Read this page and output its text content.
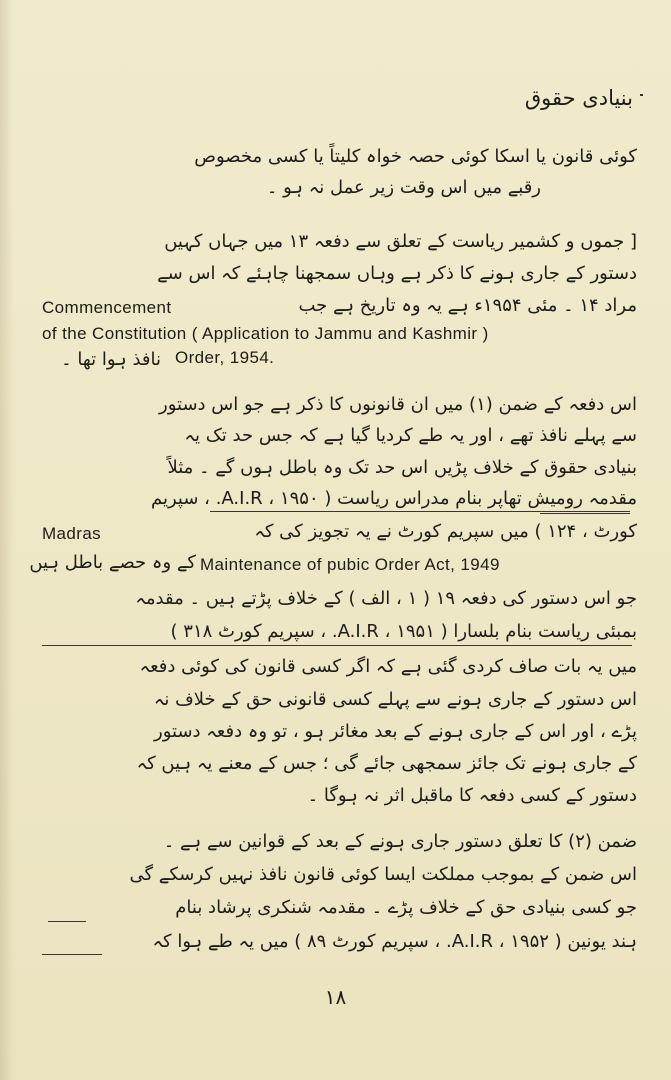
بنیادی حقوق
کوئی قانون یا اسکا کوئی حصہ خواہ کلیتاً یا کسی مخصوص
رقبے میں اس وقت زیر عمل نہ ہو ۔
[ جموں و کشمیر ریاست کے تعلق سے دفعہ ۱۳ میں جہاں کہیں
دستور کے جاری ہونے کا ذکر ہے وہاں سمجھنا چاہئے کہ اس سے
مراد ۱۴ ۔ مئی ۱۹۵۴ء ہے یہ وہ تاریخ ہے جب
Commencement
of the Constitution ( Application to Jammu and Kashmir )
Order, 1954.
نافذ ہوا تھا ۔
اس دفعہ کے ضمن (۱) میں ان قانونوں کا ذکر ہے جو اس دستور
سے پہلے نافذ تھے ، اور یہ طے کردیا گیا ہے کہ جس حد تک یہ
بنیادی حقوق کے خلاف پڑیں اس حد تک وہ باطل ہوں گے ۔ مثلاً
مقدمہ رومیش تھاپر بنام مدراس ریاست ( ۱۹۵۰ ، A.I.R. ، سپریم
کورٹ ، ۱۲۴ ) میں سپریم کورٹ نے یہ تجویز کی کہ
Madras
Maintenance of pubic Order Act, 1949
کے وہ حصے باطل ہیں
جو اس دستور کی دفعہ ۱۹ ( ۱ ، الف ) کے خلاف پڑتے ہیں ۔ مقدمہ
بمبئی ریاست بنام بلسارا ( ۱۹۵۱ ، A.I.R. ، سپریم کورٹ ۳۱۸ )
میں یہ بات صاف کردی گئی ہے کہ اگر کسی قانون کی کوئی دفعہ
اس دستور کے جاری ہونے سے پہلے کسی قانونی حق کے خلاف نہ
پڑے ، اور اس کے جاری ہونے کے بعد مغائر ہو ، تو وہ دفعہ دستور
کے جاری ہونے تک جائز سمجھی جائے گی ؛ جس کے معنے یہ ہیں کہ
دستور کے کسی دفعہ کا ماقبل اثر نہ ہوگا ۔
ضمن (۲) کا تعلق دستور جاری ہونے کے بعد کے قوانین سے ہے ۔
اس ضمن کے بموجب مملکت ایسا کوئی قانون نافذ نہیں کرسکے گی
جو کسی بنیادی حق کے خلاف پڑے ۔ مقدمہ شنکری پرشاد بنام
ہند یونین ( ۱۹۵۲ ، A.I.R. ، سپریم کورٹ ۸۹ ) میں یہ طے ہوا کہ
۱۸
